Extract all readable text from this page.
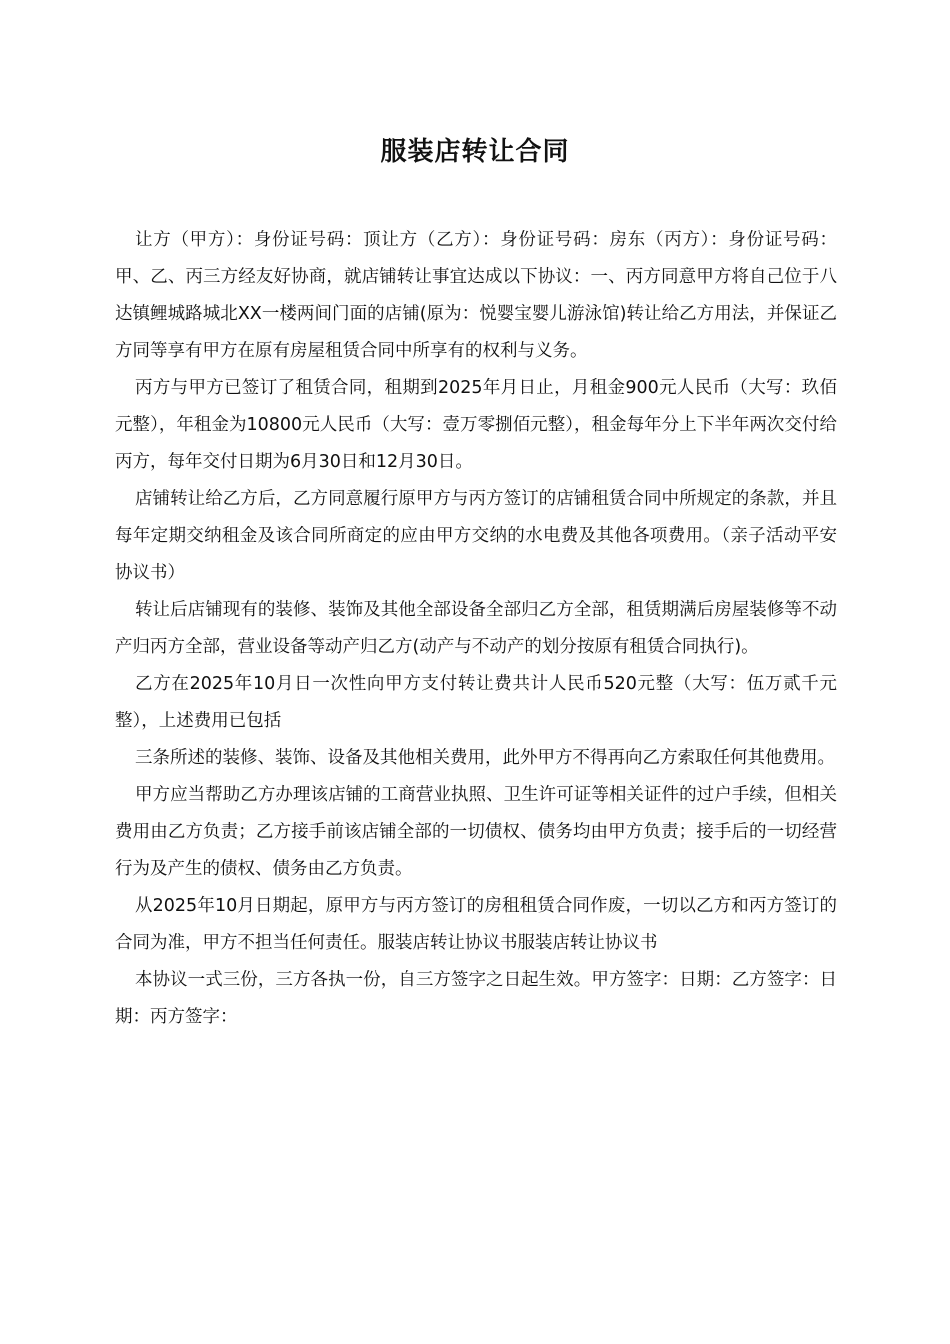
服装店转让合同

让方（甲方）：身份证号码：顶让方（乙方）：身份证号码：房东（丙方）：身份证号码：甲、乙、丙三方经友好协商，就店铺转让事宜达成以下协议：一、丙方同意甲方将自己位于八达镇鲤城路城北XX一楼两间门面的店铺(原为：悦婴宝婴儿游泳馆)转让给乙方用法，并保证乙方同等享有甲方在原有房屋租赁合同中所享有的权利与义务。

丙方与甲方已签订了租赁合同，租期到2025年月日止，月租金900元人民币（大写：玖佰元整），年租金为10800元人民币（大写：壹万零捌佰元整），租金每年分上下半年两次交付给丙方，每年交付日期为6月30日和12月30日。

店铺转让给乙方后，乙方同意履行原甲方与丙方签订的店铺租赁合同中所规定的条款，并且每年定期交纳租金及该合同所商定的应由甲方交纳的水电费及其他各项费用。（亲子活动平安协议书）

转让后店铺现有的装修、装饰及其他全部设备全部归乙方全部，租赁期满后房屋装修等不动产归丙方全部，营业设备等动产归乙方(动产与不动产的划分按原有租赁合同执行)。

乙方在2025年10月日一次性向甲方支付转让费共计人民币520元整（大写：伍万贰千元整），上述费用已包括

三条所述的装修、装饰、设备及其他相关费用，此外甲方不得再向乙方索取任何其他费用。

甲方应当帮助乙方办理该店铺的工商营业执照、卫生许可证等相关证件的过户手续，但相关费用由乙方负责；乙方接手前该店铺全部的一切债权、债务均由甲方负责；接手后的一切经营行为及产生的债权、债务由乙方负责。

从2025年10月日期起，原甲方与丙方签订的房租租赁合同作废，一切以乙方和丙方签订的合同为准，甲方不担当任何责任。服装店转让协议书服装店转让协议书

本协议一式三份，三方各执一份，自三方签字之日起生效。甲方签字：日期：乙方签字：日期：丙方签字：
